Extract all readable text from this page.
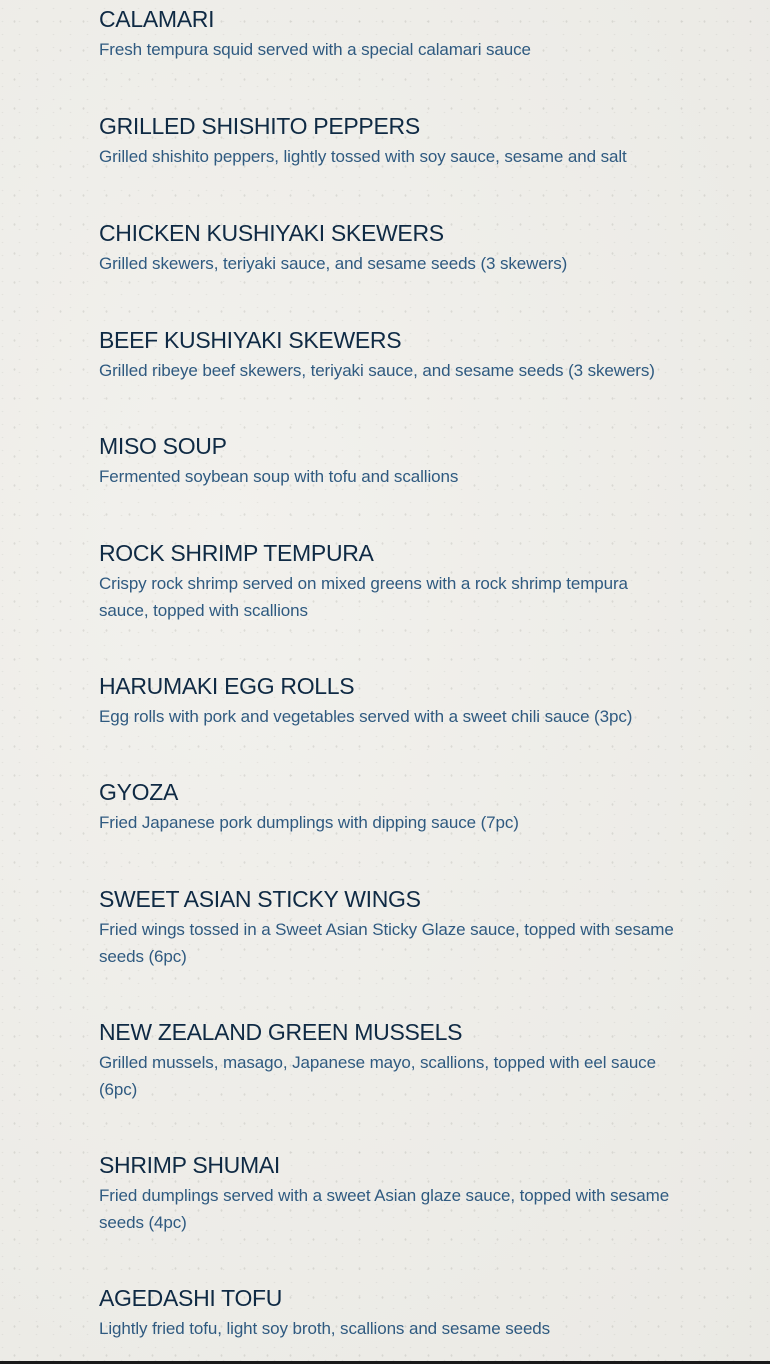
CALAMARI

Fresh tempura squid served with a special calamari sauce

GRILLED SHISHITO PEPPERS

Grilled shishito peppers, lightly tossed with soy sauce, sesame and salt

CHICKEN KUSHIYAKI SKEWERS

Grilled skewers, teriyaki sauce, and sesame seeds (3 skewers)

BEEF KUSHIYAKI SKEWERS

Grilled ribeye beef skewers, teriyaki sauce, and sesame seeds (3 skewers)

MISO SOUP

Fermented soybean soup with tofu and scallions

ROCK SHRIMP TEMPURA

Crispy rock shrimp served on mixed greens with a rock shrimp tempura sauce, topped with scallions

HARUMAKI EGG ROLLS

Egg rolls with pork and vegetables served with a sweet chili sauce (3pc)

GYOZA

Fried Japanese pork dumplings with dipping sauce (7pc)

SWEET ASIAN STICKY WINGS

Fried wings tossed in a Sweet Asian Sticky Glaze sauce, topped with sesame seeds (6pc)

NEW ZEALAND GREEN MUSSELS

Grilled mussels, masago, Japanese mayo, scallions, topped with eel sauce (6pc)

SHRIMP SHUMAI

Fried dumplings served with a sweet Asian glaze sauce, topped with sesame seeds (4pc)

AGEDASHI TOFU

Lightly fried tofu, light soy broth, scallions and sesame seeds
